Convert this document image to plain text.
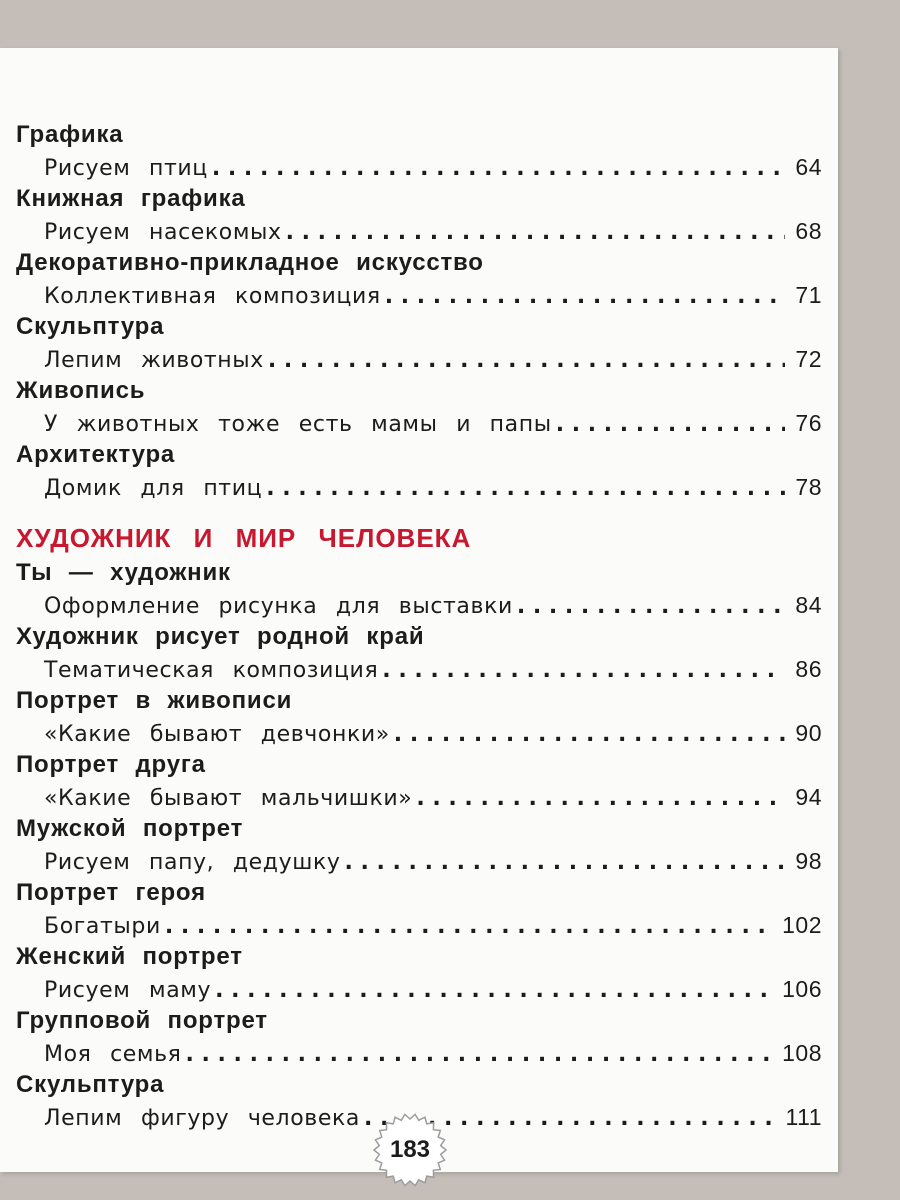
Графика
Рисуем птиц . . .	64
Книжная графика
Рисуем насекомых . . .	68
Декоративно-прикладное искусство
Коллективная композиция . . .	71
Скульптура
Лепим животных . . .	72
Живопись
У животных тоже есть мамы и папы . . .	76
Архитектура
Домик для птиц . . .	78
ХУДОЖНИК И МИР ЧЕЛОВЕКА
Ты — художник
Оформление рисунка для выставки . . .	84
Художник рисует родной край
Тематическая композиция . . .	86
Портрет в живописи
«Какие бывают девчонки» . . .	90
Портрет друга
«Какие бывают мальчишки» . . .	94
Мужской портрет
Рисуем папу, дедушку . . .	98
Портрет героя
Богатыри . . .	102
Женский портрет
Рисуем маму . . .	106
Групповой портрет
Моя семья . . .	108
Скульптура
Лепим фигуру человека . . .	111
183
